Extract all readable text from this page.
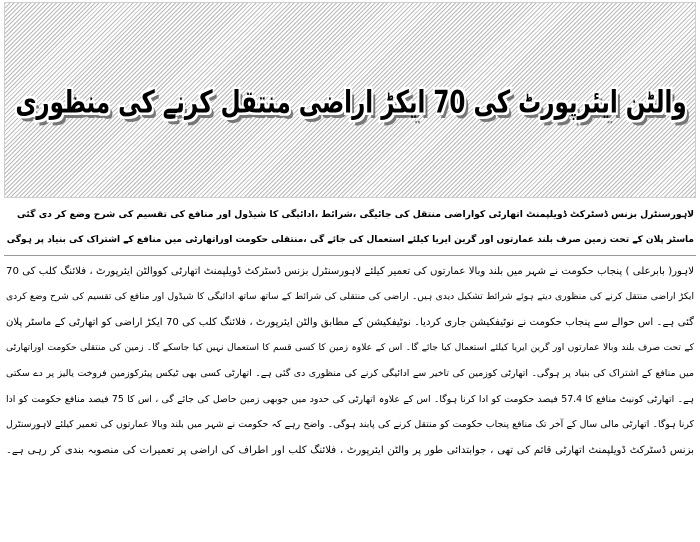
والٹن ایئرپورٹ کی 70 ایکڑ اراضی منتقل کرنے کی منظوری
لاہورسنٹرل بزنس ڈسٹرکٹ ڈویلپمنٹ اتھارٹی کواراضی منتقل کی جائیگی ،شرائط ،ادائیگی کا شیڈول اور منافع کی تقسیم کی شرح وضع کر دی گئی
ماسٹر پلان کے تحت زمین صرف بلند عمارتوں اور گرین ایریا کیلئے استعمال کی جائے گی ،منتقلی حکومت اوراتھارٹی میں منافع کے اشتراک کی بنیاد پر ہوگی
لاہور( بابرعلی ) پنجاب حکومت نے شہر میں بلند وبالا عمارتوں کی تعمیر کیلئے لاہورسنٹرل بزنس ڈسٹرکٹ ڈویلپمنٹ اتھارٹی کووالٹن ایئرپورٹ ، فلائنگ کلب کی 70
ایکڑ اراضی منتقل کرنے کی منظوری دیتے ہوئے شرائط تشکیل دیدی ہیں۔ اراضی کی منتقلی کی شرائط کے ساتھ ساتھ ادائیگی کا شیڈول اور منافع کی تقسیم کی شرح وضع کردی
گئی ہے۔ اس حوالے سے پنجاب حکومت نے نوٹیفکیشن جاری کردیا۔ نوٹیفکیشن کے مطابق والٹن ایئرپورٹ ، فلائنگ کلب کی 70 ایکڑ اراضی کو اتھارٹی کے ماسٹر پلان
کے تحت صرف بلند وبالا عمارتوں اور گرین ایریا کیلئے استعمال کیا جائے گا۔ اس کے علاوہ زمین کا کسی قسم کا استعمال نہیں کیا جاسکے گا۔ زمین کی منتقلی حکومت اوراتھارٹی
میں منافع کے اشتراک کی بنیاد پر ہوگی۔ اتھارٹی کوزمین کی تاخیر سے ادائیگی کرنے کی منظوری دی گئی ہے۔ اتھارٹی کسی بھی ٹیکس پیئرکوزمین فروخت یالیز پر دے سکتی
ہے۔ اتھارٹی کونیٹ منافع کا 57.4 فیصد حکومت کو ادا کرنا ہوگا۔ اس کے علاوہ اتھارٹی کی حدود میں جوبھی زمین حاصل کی جائے گی ، اس کا 75 فیصد منافع حکومت کو ادا
کرنا ہوگا۔ اتھارٹی مالی سال کے آخر تک منافع پنجاب حکومت کو منتقل کرنے کی پابند ہوگی۔ واضح رہے کہ حکومت نے شہر میں بلند وبالا عمارتوں کی تعمیر کیلئے لاہورسنٹرل
بزنس ڈسٹرکٹ ڈویلپمنٹ اتھارٹی قائم کی تھی ، جوابتدائی طور پر والٹن ایئرپورٹ ، فلائنگ کلب اور اطراف کی اراضی پر تعمیرات کی منصوبہ بندی کر رہی ہے۔
